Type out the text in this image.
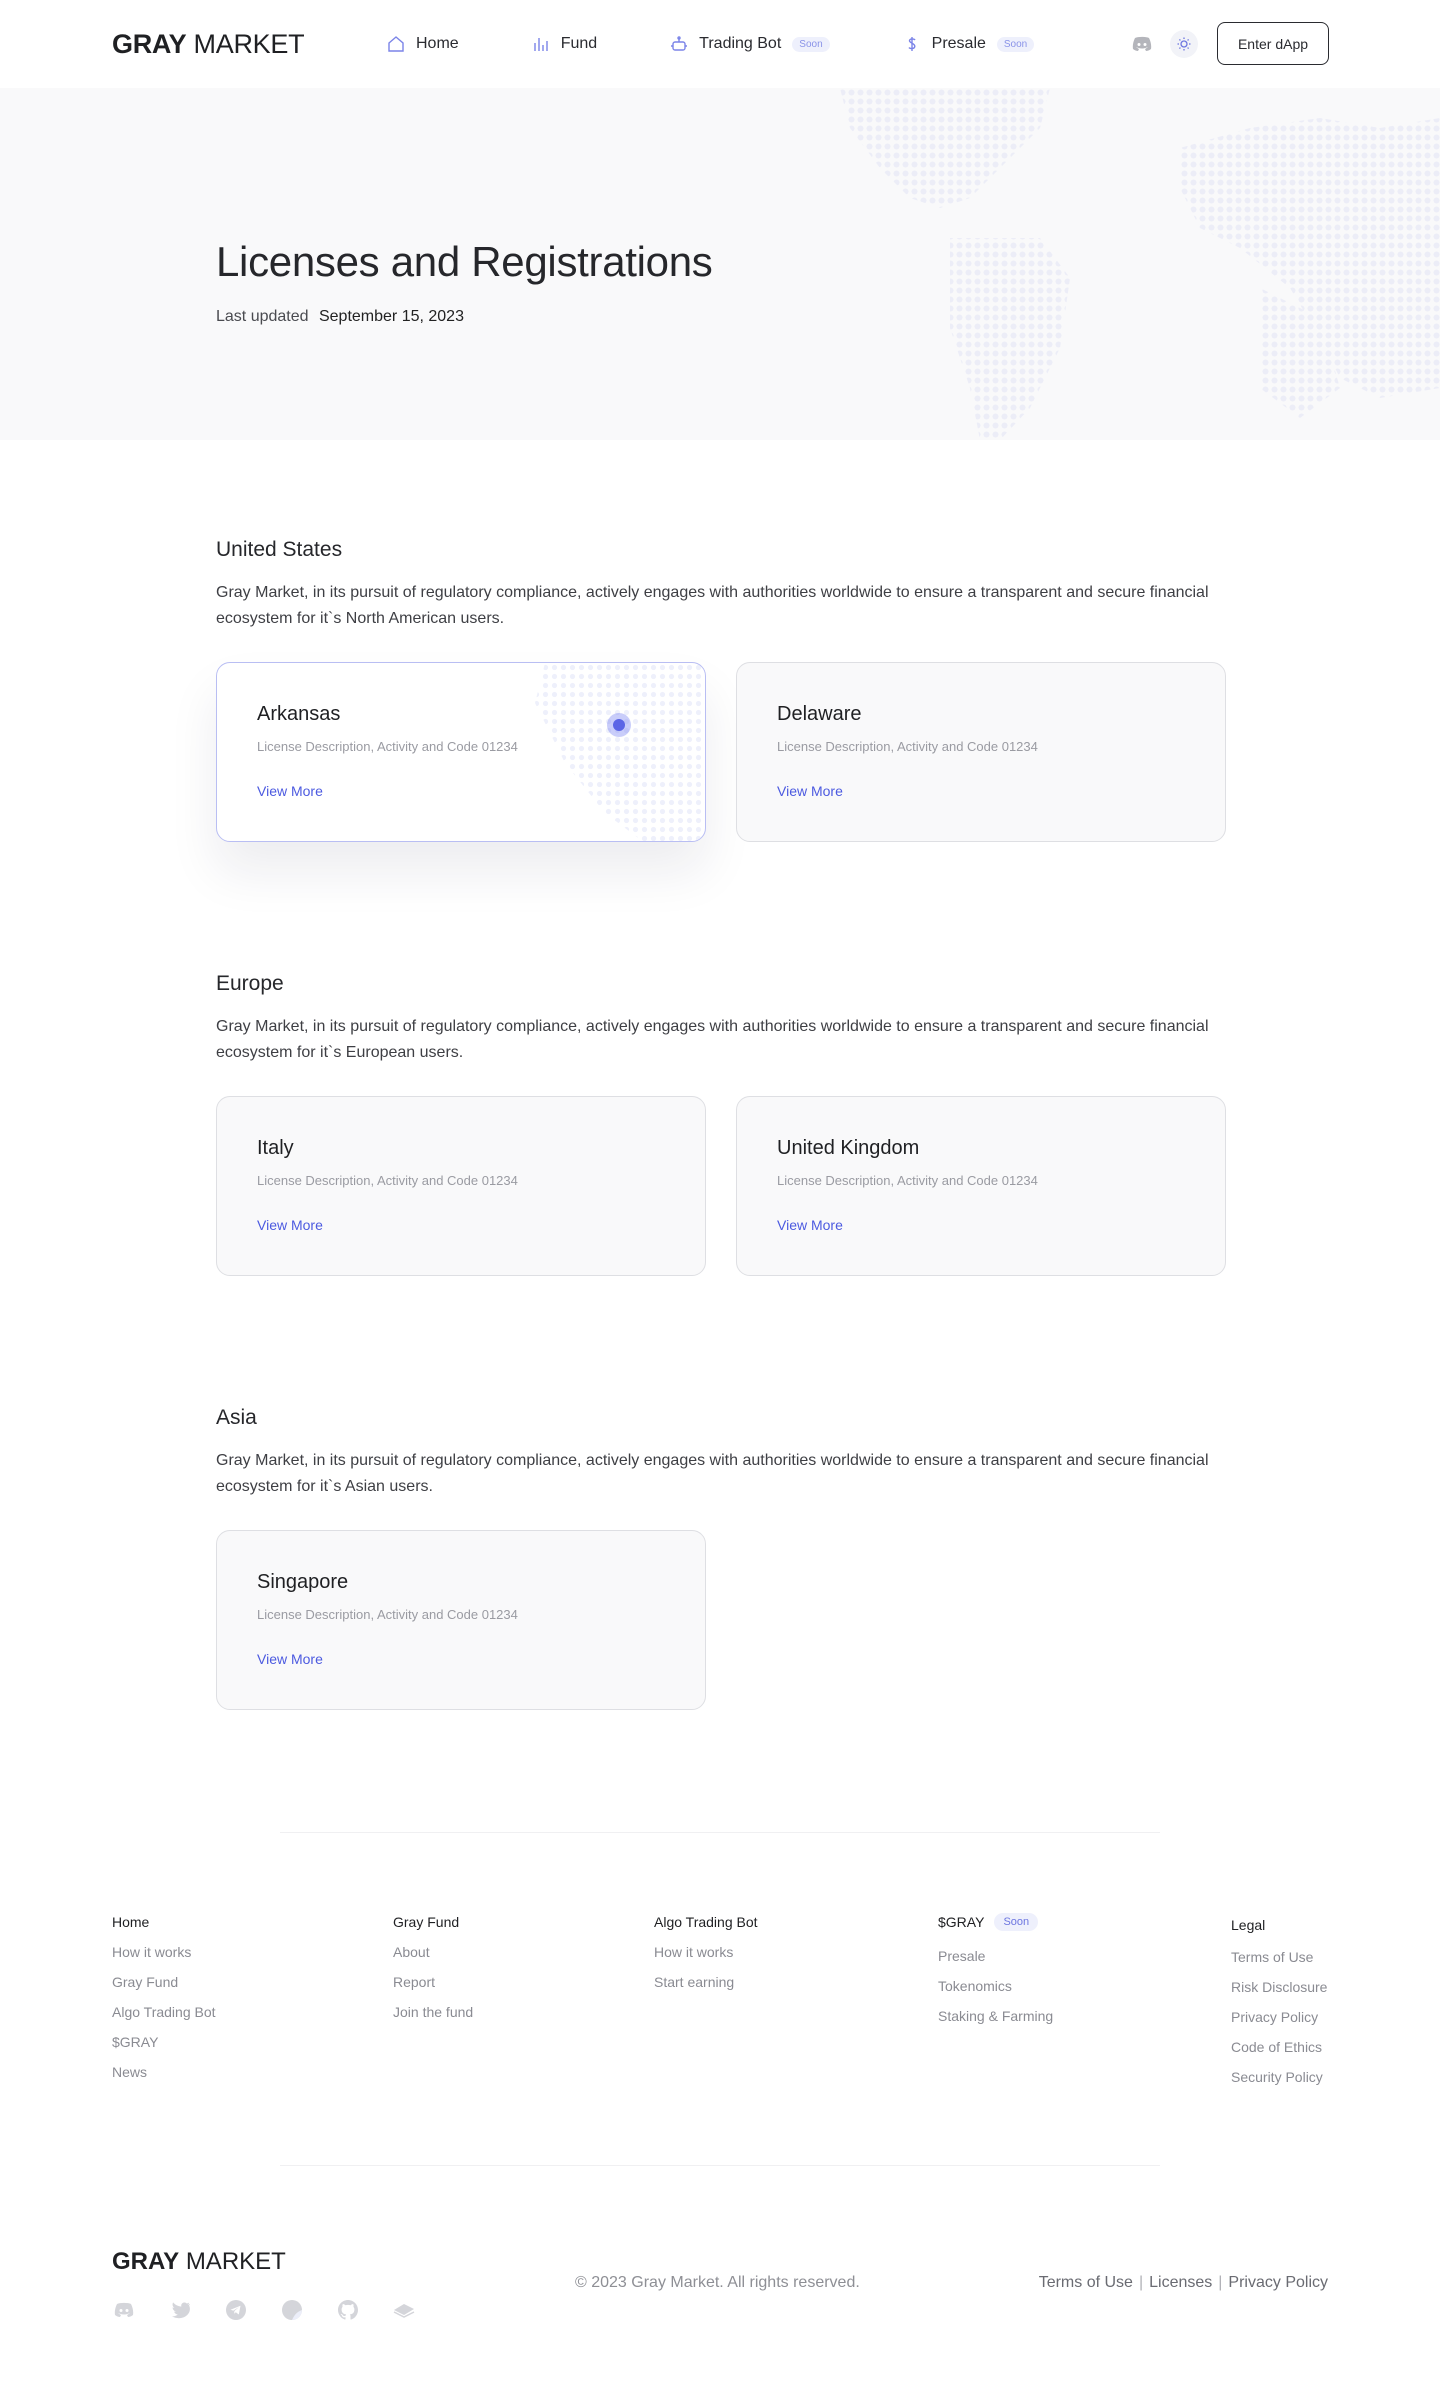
GRAY MARKET	Home	Fund	Trading Bot	Soon	Presale	Soon	Enter dApp
Licenses and Registrations
Last updated September 15, 2023
United States

Gray Market, in its pursuit of regulatory compliance, actively engages with authorities worldwide to ensure a transparent and secure financial ecosystem for it`s North American users.

Arkansas
License Description, Activity and Code 01234
View More
Delaware
License Description, Activity and Code 01234
View More
Europe

Gray Market, in its pursuit of regulatory compliance, actively engages with authorities worldwide to ensure a transparent and secure financial ecosystem for it`s European users.

Italy
License Description, Activity and Code 01234
View More
United Kingdom
License Description, Activity and Code 01234
View More
Asia

Gray Market, in its pursuit of regulatory compliance, actively engages with authorities worldwide to ensure a transparent and secure financial ecosystem for it`s Asian users.

Singapore
License Description, Activity and Code 01234
View More
Home
How it works
Gray Fund
Algo Trading Bot
$GRAY
News
Gray Fund
About
Report
Join the fund
Algo Trading Bot
How it works
Start earning
$GRAY	Soon
Presale
Tokenomics
Staking & Farming
Legal
Terms of Use
Risk Disclosure
Privacy Policy
Code of Ethics
Security Policy
GRAY MARKET
© 2023 Gray Market. All rights reserved.	Terms of Use | Licenses | Privacy Policy
